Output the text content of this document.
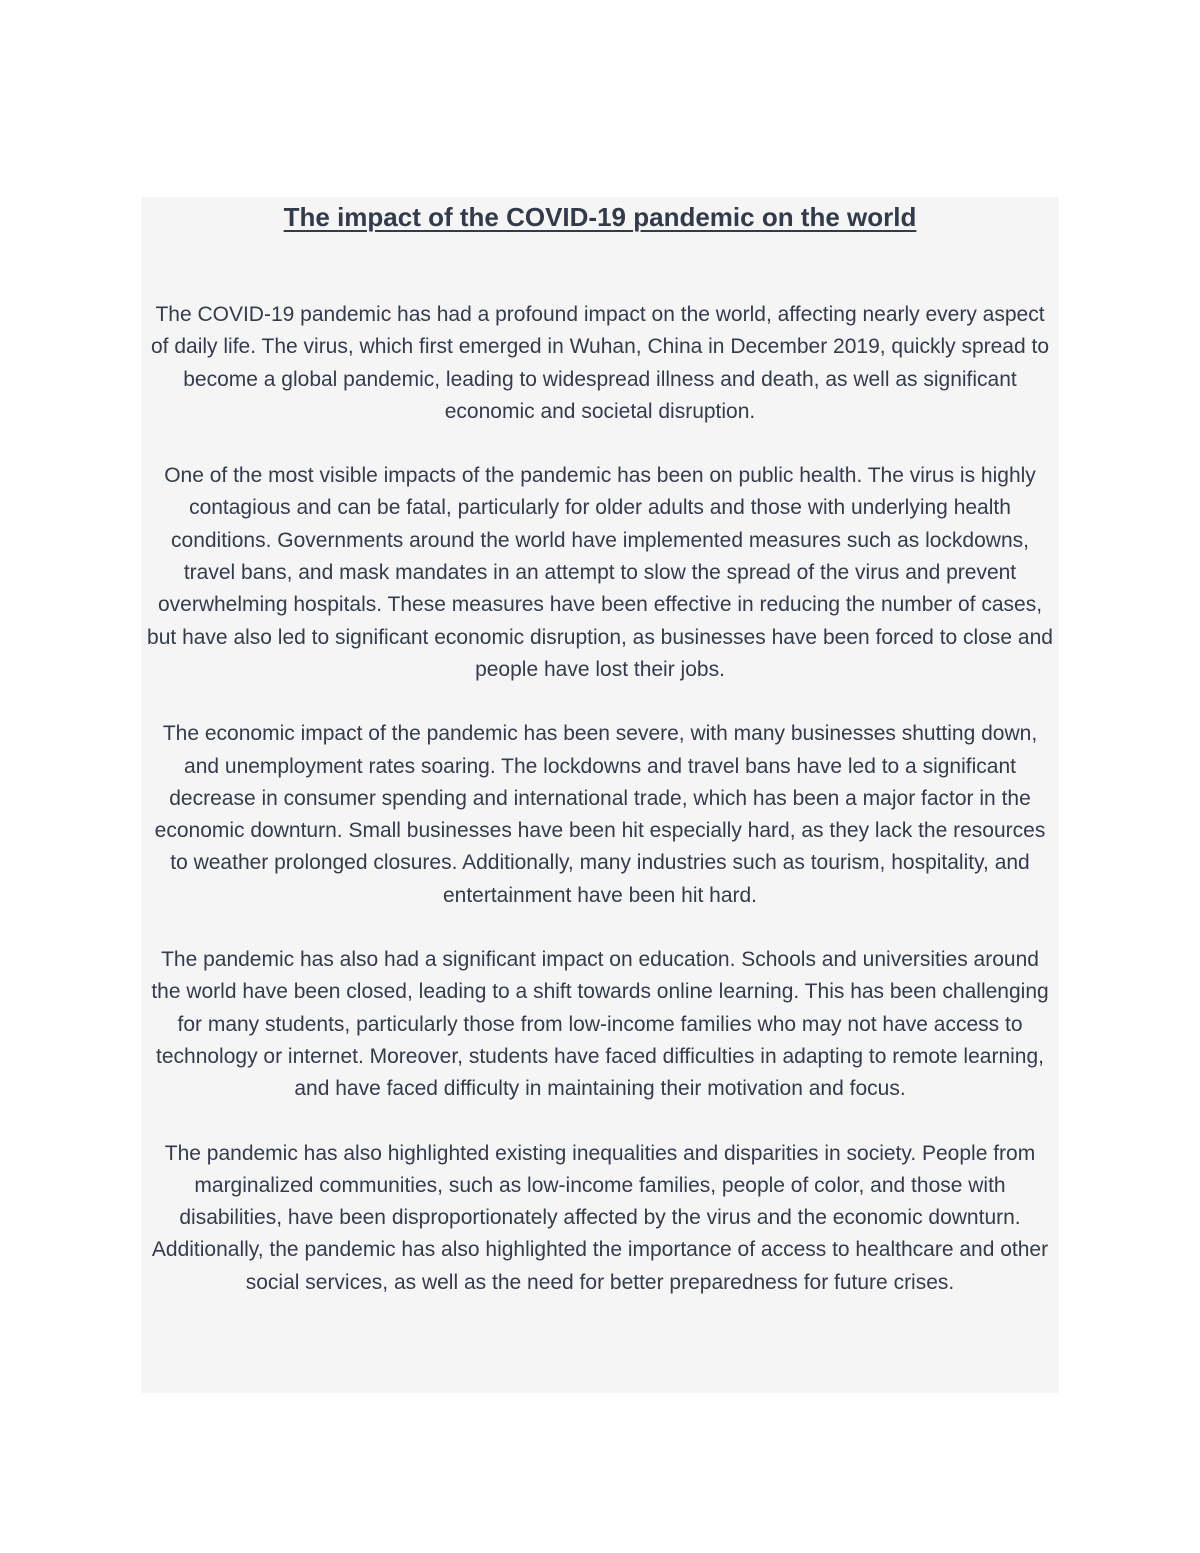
The impact of the COVID-19 pandemic on the world

The COVID-19 pandemic has had a profound impact on the world, affecting nearly every aspect of daily life. The virus, which first emerged in Wuhan, China in December 2019, quickly spread to become a global pandemic, leading to widespread illness and death, as well as significant economic and societal disruption.

One of the most visible impacts of the pandemic has been on public health. The virus is highly contagious and can be fatal, particularly for older adults and those with underlying health conditions. Governments around the world have implemented measures such as lockdowns, travel bans, and mask mandates in an attempt to slow the spread of the virus and prevent overwhelming hospitals. These measures have been effective in reducing the number of cases, but have also led to significant economic disruption, as businesses have been forced to close and people have lost their jobs.

The economic impact of the pandemic has been severe, with many businesses shutting down, and unemployment rates soaring. The lockdowns and travel bans have led to a significant decrease in consumer spending and international trade, which has been a major factor in the economic downturn. Small businesses have been hit especially hard, as they lack the resources to weather prolonged closures. Additionally, many industries such as tourism, hospitality, and entertainment have been hit hard.

The pandemic has also had a significant impact on education. Schools and universities around the world have been closed, leading to a shift towards online learning. This has been challenging for many students, particularly those from low-income families who may not have access to technology or internet. Moreover, students have faced difficulties in adapting to remote learning, and have faced difficulty in maintaining their motivation and focus.

The pandemic has also highlighted existing inequalities and disparities in society. People from marginalized communities, such as low-income families, people of color, and those with disabilities, have been disproportionately affected by the virus and the economic downturn. Additionally, the pandemic has also highlighted the importance of access to healthcare and other social services, as well as the need for better preparedness for future crises.
